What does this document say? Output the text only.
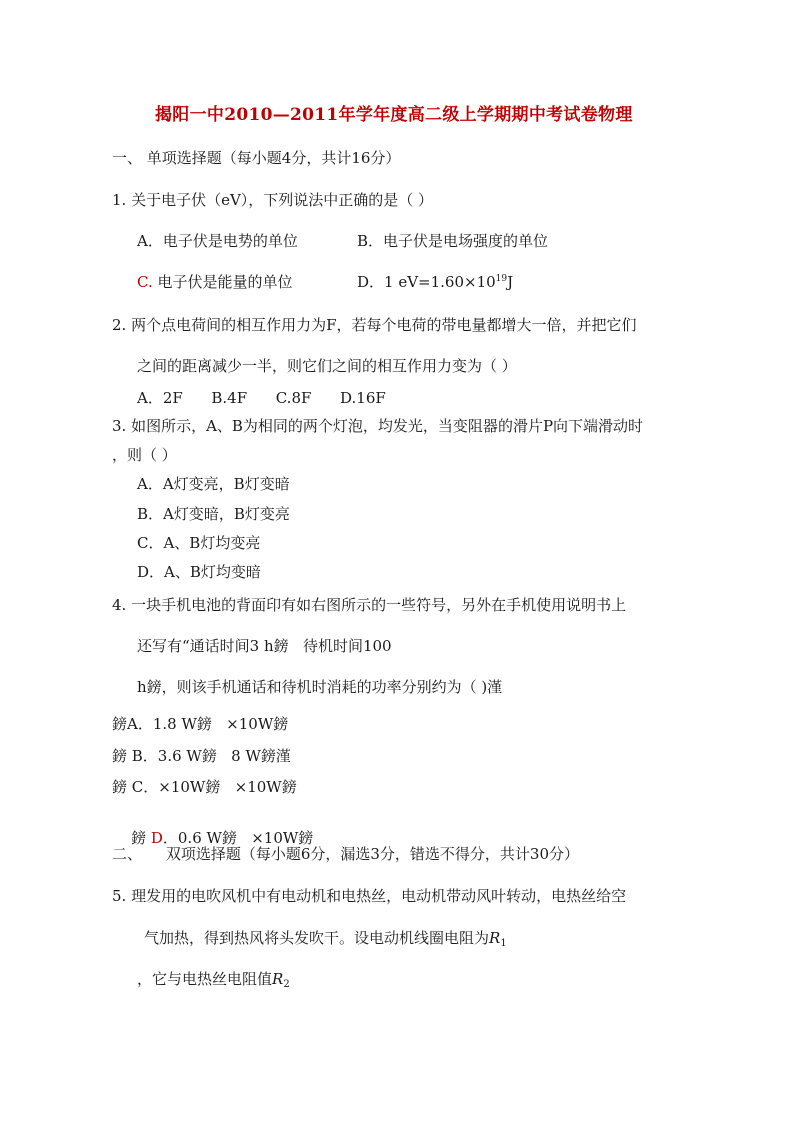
揭阳一中2010—2011年学年度高二级上学期期中考试卷物理
一、 单项选择题（每小题4分，共计16分）
1. 关于电子伏（eV），下列说法中正确的是（ ）
A．电子伏是电势的单位	B．电子伏是电场强度的单位
C. 电子伏是能量的单位	D．1 $eV=1.60\times 10^{19}J$
2. 两个点电荷间的相互作用力为F，若每个电荷的带电量都增大一倍，并把它们
之间的距离减少一半，则它们之间的相互作用力变为（ ）
A．2F      B.4F      C.8F      D.16F
3. 如图所示，A、B为相同的两个灯泡，均发光，当变阻器的滑片P向下端滑动时
，则（ ）
A．A灯变亮，B灯变暗
B．A灯变暗，B灯变亮
C．A、B灯均变亮
D．A、B灯均变暗
4. 一块手机电池的背面印有如右图所示的一些符号，另外在手机使用说明书上
还写有“通话时间3 h鎊   待机时间100
h鎊，则该手机通话和待机时消耗的功率分别约为（ )漌
鎊A．1.8 W鎊   ×10W鎊
鎊 B．3.6 W鎊   8 W鎊漌
鎊 C．×10W鎊   ×10W鎊

鎊 D．0.6 W鎊   ×10W鎊

二、     双项选择题（每小题6分，漏选3分，错选不得分，共计30分）
5. 理发用的电吹风机中有电动机和电热丝，电动机带动风叶转动，电热丝给空
气加热，得到热风将头发吹干。设电动机线圈电阻为$R_1$
，它与电热丝电阻值$R_2$
